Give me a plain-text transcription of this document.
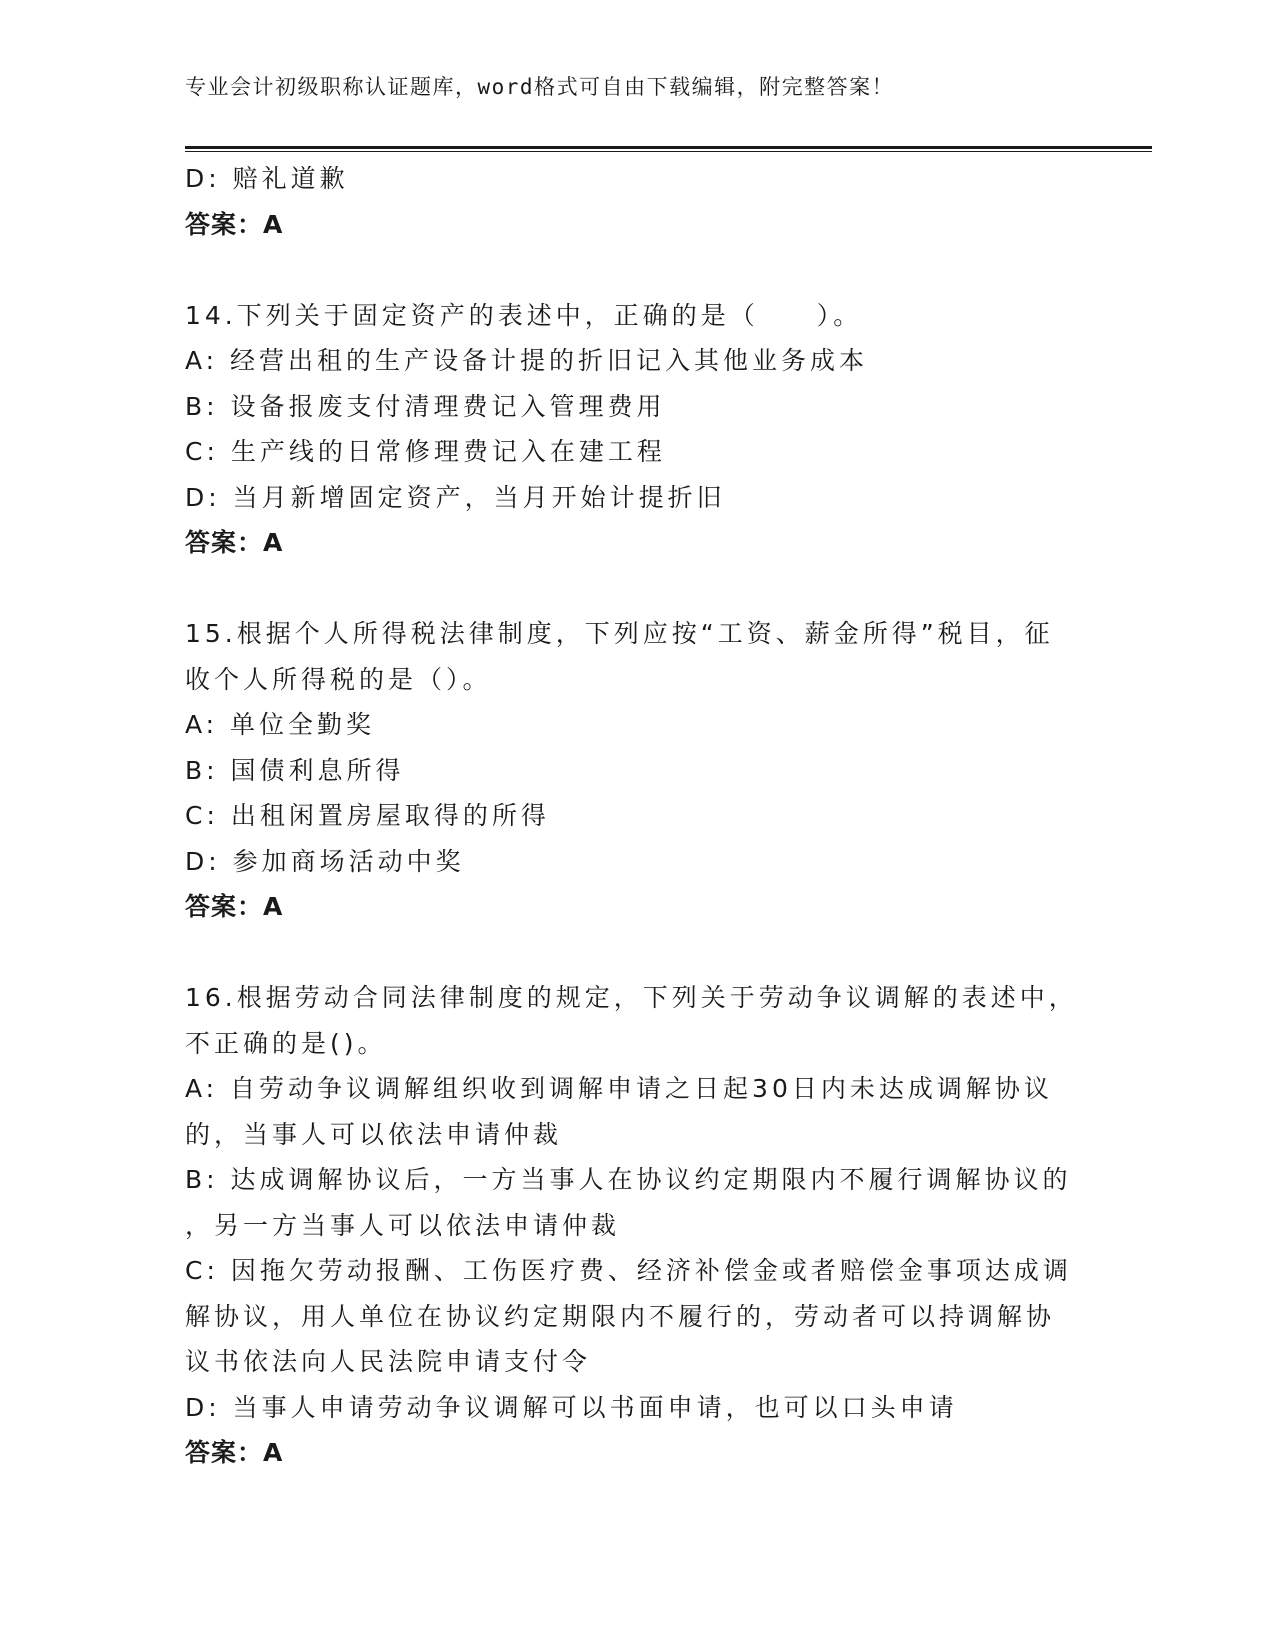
专业会计初级职称认证题库，word格式可自由下载编辑，附完整答案！
D: 赔礼道歉
答案：A
14.下列关于固定资产的表述中，正确的是（　　）。
A: 经营出租的生产设备计提的折旧记入其他业务成本
B: 设备报废支付清理费记入管理费用
C: 生产线的日常修理费记入在建工程
D: 当月新增固定资产，当月开始计提折旧
答案：A
15.根据个人所得税法律制度，下列应按“工资、薪金所得”税目，征
收个人所得税的是（）。
A: 单位全勤奖
B: 国债利息所得
C: 出租闲置房屋取得的所得
D: 参加商场活动中奖
答案：A
16.根据劳动合同法律制度的规定，下列关于劳动争议调解的表述中，
不正确的是()。
A: 自劳动争议调解组织收到调解申请之日起30日内未达成调解协议
的，当事人可以依法申请仲裁
B: 达成调解协议后，一方当事人在协议约定期限内不履行调解协议的
，另一方当事人可以依法申请仲裁
C: 因拖欠劳动报酬、工伤医疗费、经济补偿金或者赔偿金事项达成调
解协议，用人单位在协议约定期限内不履行的，劳动者可以持调解协
议书依法向人民法院申请支付令
D: 当事人申请劳动争议调解可以书面申请，也可以口头申请
答案：A
